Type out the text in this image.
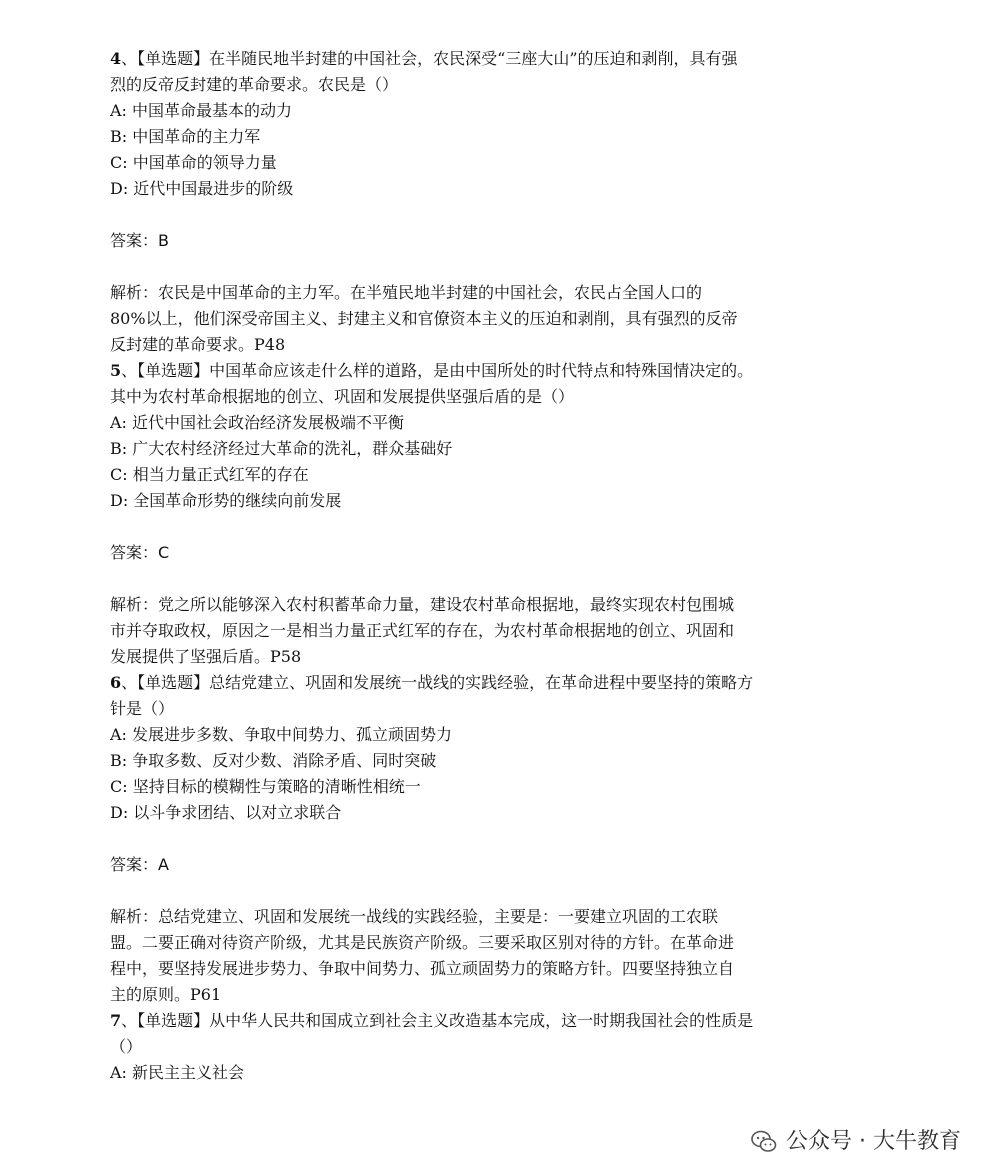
4、【单选题】在半随民地半封建的中国社会，农民深受“三座大山”的压迫和剥削，具有强
烈的反帝反封建的革命要求。农民是（）
A: 中国革命最基本的动力
B: 中国革命的主力军
C: 中国革命的领导力量
D: 近代中国最进步的阶级
答案：B
解析：农民是中国革命的主力军。在半殖民地半封建的中国社会，农民占全国人口的
80%以上，他们深受帝国主义、封建主义和官僚资本主义的压迫和剥削，具有强烈的反帝
反封建的革命要求。P48
5、【单选题】中国革命应该走什么样的道路，是由中国所处的时代特点和特殊国情决定的。
其中为农村革命根据地的创立、巩固和发展提供坚强后盾的是（）
A: 近代中国社会政治经济发展极端不平衡
B: 广大农村经济经过大革命的洗礼，群众基础好
C: 相当力量正式红军的存在
D: 全国革命形势的继续向前发展
答案：C
解析：党之所以能够深入农村积蓄革命力量，建设农村革命根据地，最终实现农村包围城
市并夺取政权，原因之一是相当力量正式红军的存在，为农村革命根据地的创立、巩固和
发展提供了坚强后盾。P58
6、【单选题】总结党建立、巩固和发展统一战线的实践经验，在革命进程中要坚持的策略方
针是（）
A: 发展进步多数、争取中间势力、孤立顽固势力
B: 争取多数、反对少数、消除矛盾、同时突破
C: 坚持目标的模糊性与策略的清晰性相统一
D: 以斗争求团结、以对立求联合
答案：A
解析：总结党建立、巩固和发展统一战线的实践经验，主要是：一要建立巩固的工农联
盟。二要正确对待资产阶级，尤其是民族资产阶级。三要采取区别对待的方针。在革命进
程中，要坚持发展进步势力、争取中间势力、孤立顽固势力的策略方针。四要坚持独立自
主的原则。P61
7、【单选题】从中华人民共和国成立到社会主义改造基本完成，这一时期我国社会的性质是
（）
A: 新民主主义社会
公众号 · 大牛教育
